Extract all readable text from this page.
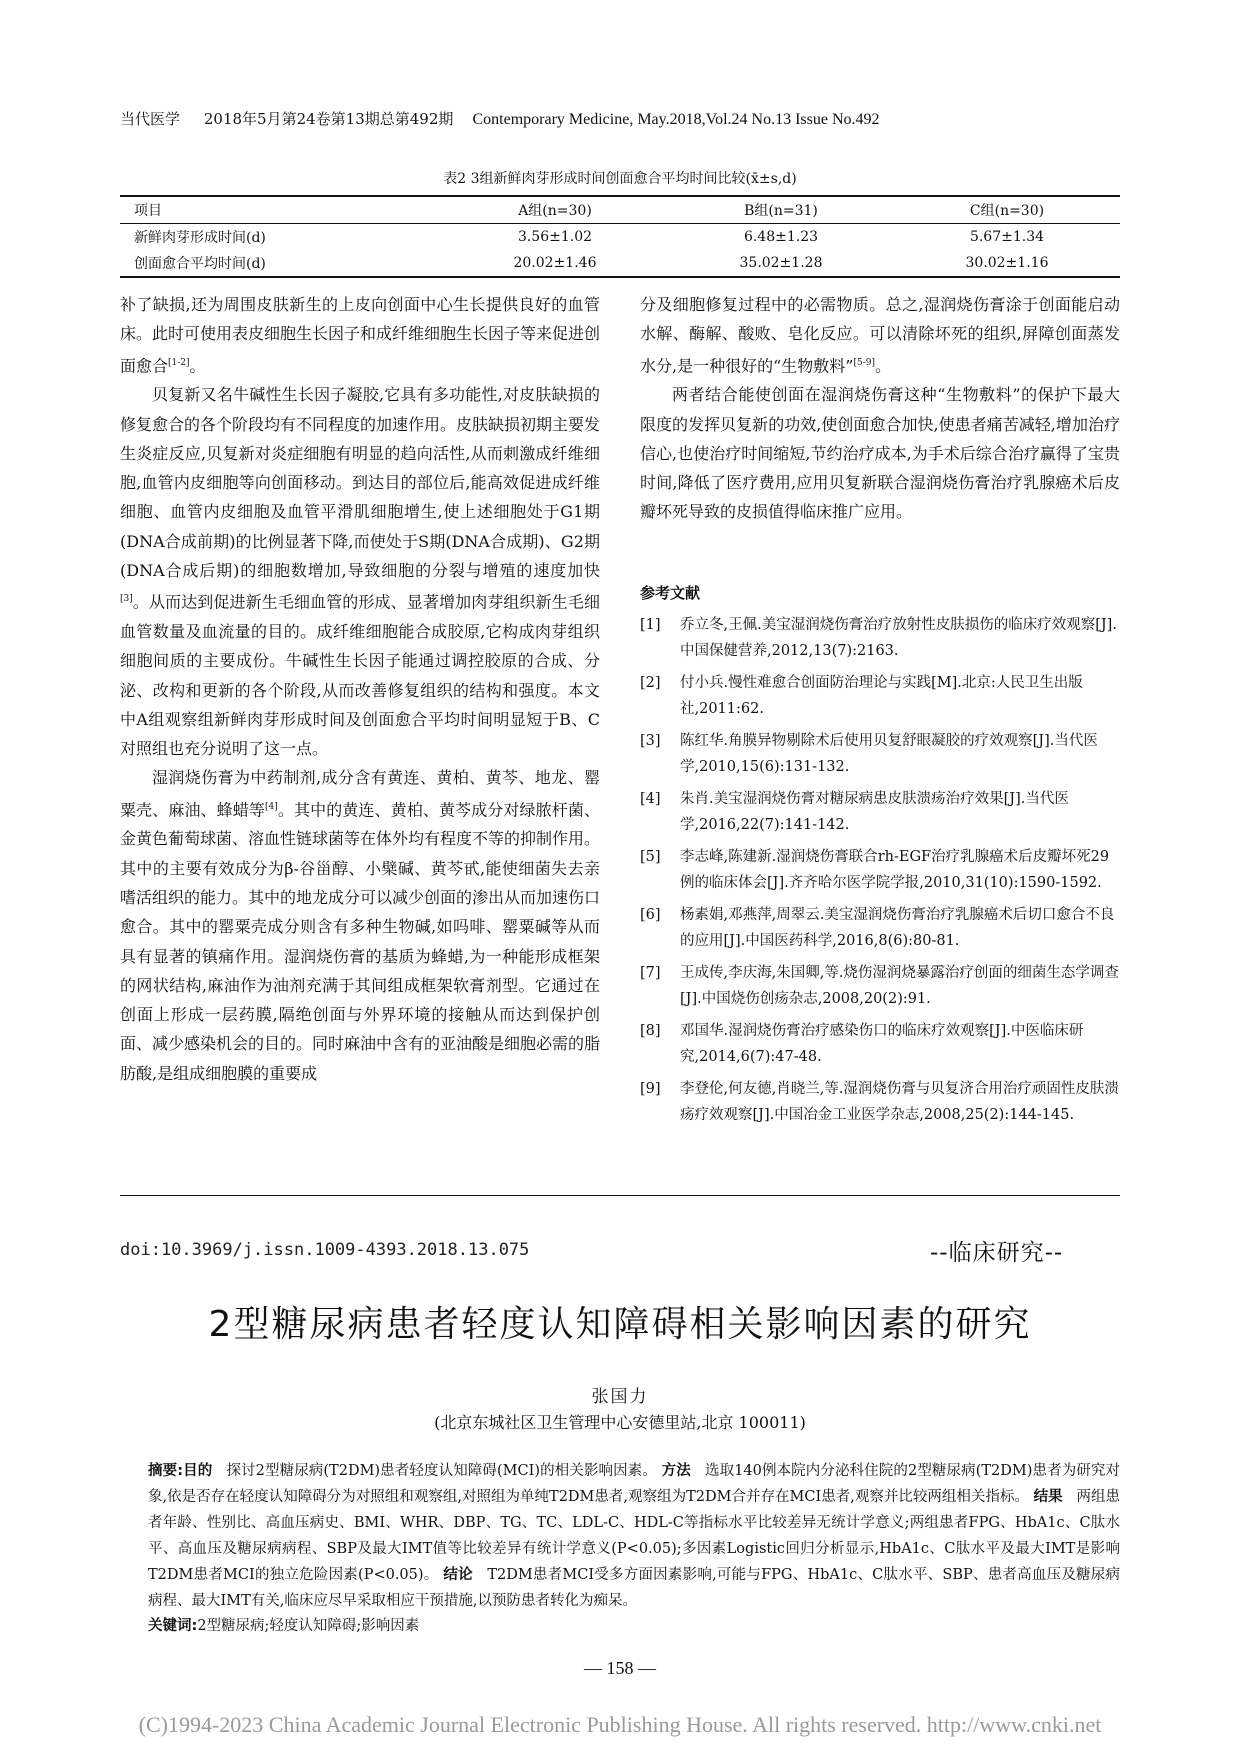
当代医学 2018年5月第24卷第13期总第492期 Contemporary Medicine, May.2018,Vol.24 No.13 Issue No.492
表2 3组新鲜肉芽形成时间创面愈合平均时间比较(x̄±s,d)
项目	A组(n=30)	B组(n=31)	C组(n=30)
新鲜肉芽形成时间(d)	3.56±1.02	6.48±1.23	5.67±1.34
创面愈合平均时间(d)	20.02±1.46	35.02±1.28	30.02±1.16

补了缺损,还为周围皮肤新生的上皮向创面中心生长提供良好的血管床。此时可使用表皮细胞生长因子和成纤维细胞生长因子等来促进创面愈合[1-2]。

贝复新又名牛碱性生长因子凝胶,它具有多功能性,对皮肤缺损的修复愈合的各个阶段均有不同程度的加速作用。皮肤缺损初期主要发生炎症反应,贝复新对炎症细胞有明显的趋向活性,从而刺激成纤维细胞,血管内皮细胞等向创面移动。到达目的部位后,能高效促进成纤维细胞、血管内皮细胞及血管平滑肌细胞增生,使上述细胞处于G1期(DNA合成前期)的比例显著下降,而使处于S期(DNA合成期)、G2期(DNA合成后期)的细胞数增加,导致细胞的分裂与增殖的速度加快[3]。从而达到促进新生毛细血管的形成、显著增加肉芽组织新生毛细血管数量及血流量的目的。成纤维细胞能合成胶原,它构成肉芽组织细胞间质的主要成份。牛碱性生长因子能通过调控胶原的合成、分泌、改构和更新的各个阶段,从而改善修复组织的结构和强度。本文中A组观察组新鲜肉芽形成时间及创面愈合平均时间明显短于B、C对照组也充分说明了这一点。

湿润烧伤膏为中药制剂,成分含有黄连、黄柏、黄芩、地龙、罂粟壳、麻油、蜂蜡等[4]。其中的黄连、黄柏、黄芩成分对绿脓杆菌、金黄色葡萄球菌、溶血性链球菌等在体外均有程度不等的抑制作用。其中的主要有效成分为β-谷甾醇、小檗碱、黄芩甙,能使细菌失去亲嗜活组织的能力。其中的地龙成分可以减少创面的渗出从而加速伤口愈合。其中的罂粟壳成分则含有多种生物碱,如吗啡、罂粟碱等从而具有显著的镇痛作用。湿润烧伤膏的基质为蜂蜡,为一种能形成框架的网状结构,麻油作为油剂充满于其间组成框架软膏剂型。它通过在创面上形成一层药膜,隔绝创面与外界环境的接触从而达到保护创面、减少感染机会的目的。同时麻油中含有的亚油酸是细胞必需的脂肪酸,是组成细胞膜的重要成

分及细胞修复过程中的必需物质。总之,湿润烧伤膏涂于创面能启动水解、酶解、酸败、皂化反应。可以清除坏死的组织,屏障创面蒸发水分,是一种很好的“生物敷料”[5-9]。

两者结合能使创面在湿润烧伤膏这种“生物敷料”的保护下最大限度的发挥贝复新的功效,使创面愈合加快,使患者痛苦减轻,增加治疗信心,也使治疗时间缩短,节约治疗成本,为手术后综合治疗赢得了宝贵时间,降低了医疗费用,应用贝复新联合湿润烧伤膏治疗乳腺癌术后皮瓣坏死导致的皮损值得临床推广应用。

参考文献
[1]	乔立冬,王佩.美宝湿润烧伤膏治疗放射性皮肤损伤的临床疗效观察[J].中国保健营养,2012,13(7):2163.
[2]	付小兵.慢性难愈合创面防治理论与实践[M].北京:人民卫生出版社,2011:62.
[3]	陈红华.角膜异物剔除术后使用贝复舒眼凝胶的疗效观察[J].当代医学,2010,15(6):131-132.
[4]	朱肖.美宝湿润烧伤膏对糖尿病患皮肤溃疡治疗效果[J].当代医学,2016,22(7):141-142.
[5]	李志峰,陈建新.湿润烧伤膏联合rh-EGF治疗乳腺癌术后皮瓣坏死29例的临床体会[J].齐齐哈尔医学院学报,2010,31(10):1590-1592.
[6]	杨素娟,邓燕萍,周翠云.美宝湿润烧伤膏治疗乳腺癌术后切口愈合不良的应用[J].中国医药科学,2016,8(6):80-81.
[7]	王成传,李庆海,朱国卿,等.烧伤湿润烧暴露治疗创面的细菌生态学调查[J].中国烧伤创疡杂志,2008,20(2):91.
[8]	邓国华.湿润烧伤膏治疗感染伤口的临床疗效观察[J].中医临床研究,2014,6(7):47-48.
[9]	李登伦,何友德,肖晓兰,等.湿润烧伤膏与贝复济合用治疗顽固性皮肤溃疡疗效观察[J].中国冶金工业医学杂志,2008,25(2):144-145.
doi:10.3969/j.issn.1009-4393.2018.13.075	--临床研究--
2型糖尿病患者轻度认知障碍相关影响因素的研究
张国力
(北京东城社区卫生管理中心安德里站,北京 100011)
摘要:目的 探讨2型糖尿病(T2DM)患者轻度认知障碍(MCI)的相关影响因素。 方法 选取140例本院内分泌科住院的2型糖尿病(T2DM)患者为研究对象,依是否存在轻度认知障碍分为对照组和观察组,对照组为单纯T2DM患者,观察组为T2DM合并存在MCI患者,观察并比较两组相关指标。 结果 两组患者年龄、性别比、高血压病史、BMI、WHR、DBP、TG、TC、LDL-C、HDL-C等指标水平比较差异无统计学意义;两组患者FPG、HbA1c、C肽水平、高血压及糖尿病病程、SBP及最大IMT值等比较差异有统计学意义(P<0.05);多因素Logistic回归分析显示,HbA1c、C肽水平及最大IMT是影响T2DM患者MCI的独立危险因素(P<0.05)。 结论 T2DM患者MCI受多方面因素影响,可能与FPG、HbA1c、C肽水平、SBP、患者高血压及糖尿病病程、最大IMT有关,临床应尽早采取相应干预措施,以预防患者转化为痴呆。
关键词:2型糖尿病;轻度认知障碍;影响因素
— 158 —
(C)1994-2023 China Academic Journal Electronic Publishing House. All rights reserved. http://www.cnki.net
